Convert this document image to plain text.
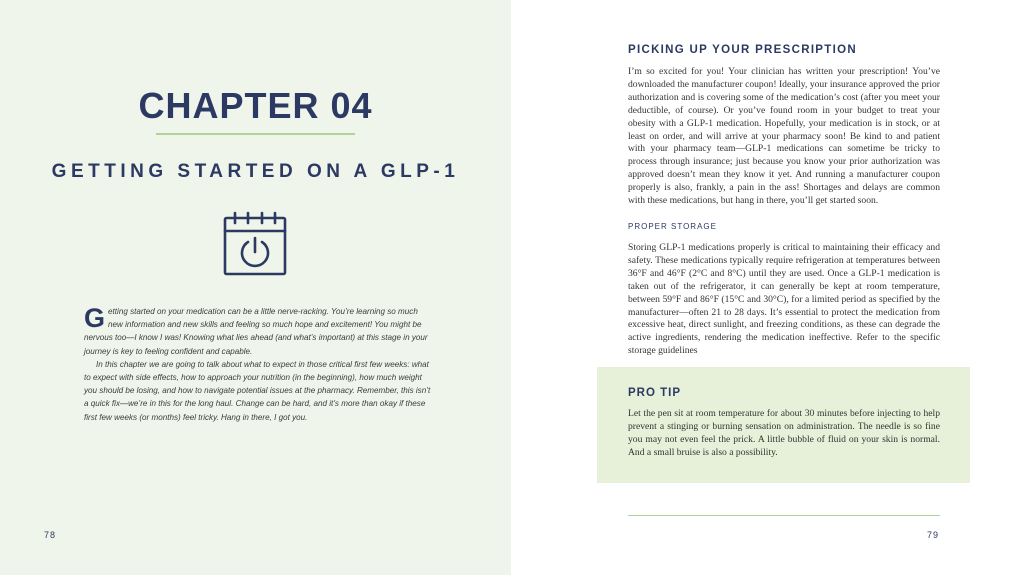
CHAPTER 04
GETTING STARTED ON A GLP-1

Getting started on your medication can be a little nerve-racking. You’re learning so much new information and new skills and feeling so much hope and excitement! You might be nervous too—I know I was! Knowing what lies ahead (and what’s important) at this stage in your journey is key to feeling confident and capable.

In this chapter we are going to talk about what to expect in those critical first few weeks: what to expect with side effects, how to approach your nutrition (in the beginning), how much weight you should be losing, and how to navigate potential issues at the pharmacy. Remember, this isn’t a quick fix—we’re in this for the long haul. Change can be hard, and it’s more than okay if these first few weeks (or months) feel tricky. Hang in there, I got you.

78
PICKING UP YOUR PRESCRIPTION

I’m so excited for you! Your clinician has written your prescription! You’ve downloaded the manufacturer coupon! Ideally, your insurance approved the prior authorization and is covering some of the medication’s cost (after you meet your deductible, of course). Or you’ve found room in your budget to treat your obesity with a GLP-1 medication. Hopefully, your medication is in stock, or at least on order, and will arrive at your pharmacy soon! Be kind to and patient with your pharmacy team—GLP-1 medications can sometime be tricky to process through insurance; just because you know your prior authorization was approved doesn’t mean they know it yet. And running a manufacturer coupon properly is also, frankly, a pain in the ass! Shortages and delays are common with these medications, but hang in there, you’ll get started soon.

PROPER STORAGE

Storing GLP-1 medications properly is critical to maintaining their efficacy and safety. These medications typically require refrigeration at temperatures between 36°F and 46°F (2°C and 8°C) until they are used. Once a GLP-1 medication is taken out of the refrigerator, it can generally be kept at room temperature, between 59°F and 86°F (15°C and 30°C), for a limited period as specified by the manufacturer—often 21 to 28 days. It’s essential to protect the medication from excessive heat, direct sunlight, and freezing conditions, as these can degrade the active ingredients, rendering the medication ineffective. Refer to the specific storage guidelines

PRO TIP

Let the pen sit at room temperature for about 30 minutes before injecting to help prevent a stinging or burning sensation on administration. The needle is so fine you may not even feel the prick. A little bubble of fluid on your skin is normal. And a small bruise is also a possibility.

79
